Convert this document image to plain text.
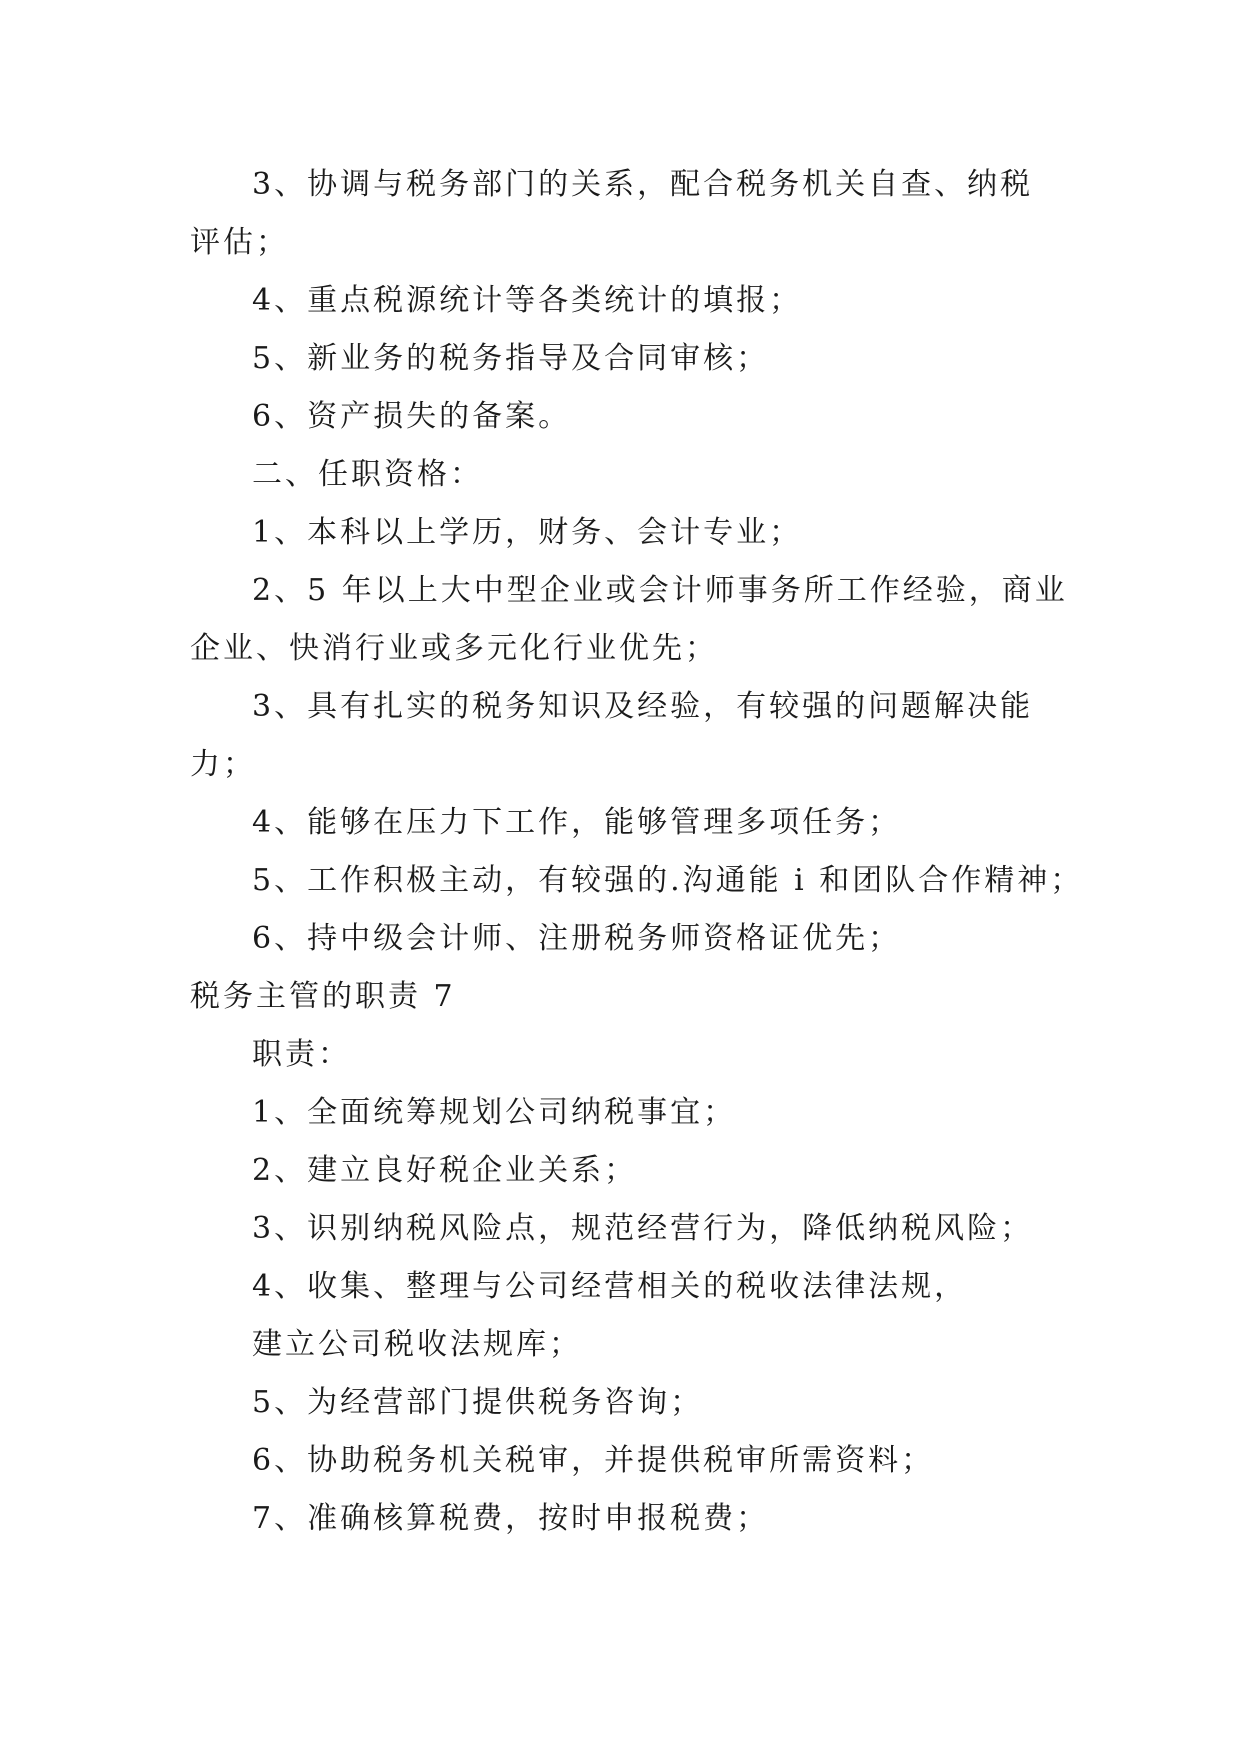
3、协调与税务部门的关系，配合税务机关自查、纳税
评估；
4、重点税源统计等各类统计的填报；
5、新业务的税务指导及合同审核；
6、资产损失的备案。
二、任职资格：
1、本科以上学历，财务、会计专业；
2、5 年以上大中型企业或会计师事务所工作经验，商业
企业、快消行业或多元化行业优先；
3、具有扎实的税务知识及经验，有较强的问题解决能
力；
4、能够在压力下工作，能够管理多项任务；
5、工作积极主动，有较强的.沟通能 i 和团队合作精神；
6、持中级会计师、注册税务师资格证优先；
税务主管的职责 7
职责：
1、全面统筹规划公司纳税事宜；
2、建立良好税企业关系；
3、识别纳税风险点，规范经营行为，降低纳税风险；
4、收集、整理与公司经营相关的税收法律法规，
建立公司税收法规库；
5、为经营部门提供税务咨询；
6、协助税务机关税审，并提供税审所需资料；
7、准确核算税费，按时申报税费；
